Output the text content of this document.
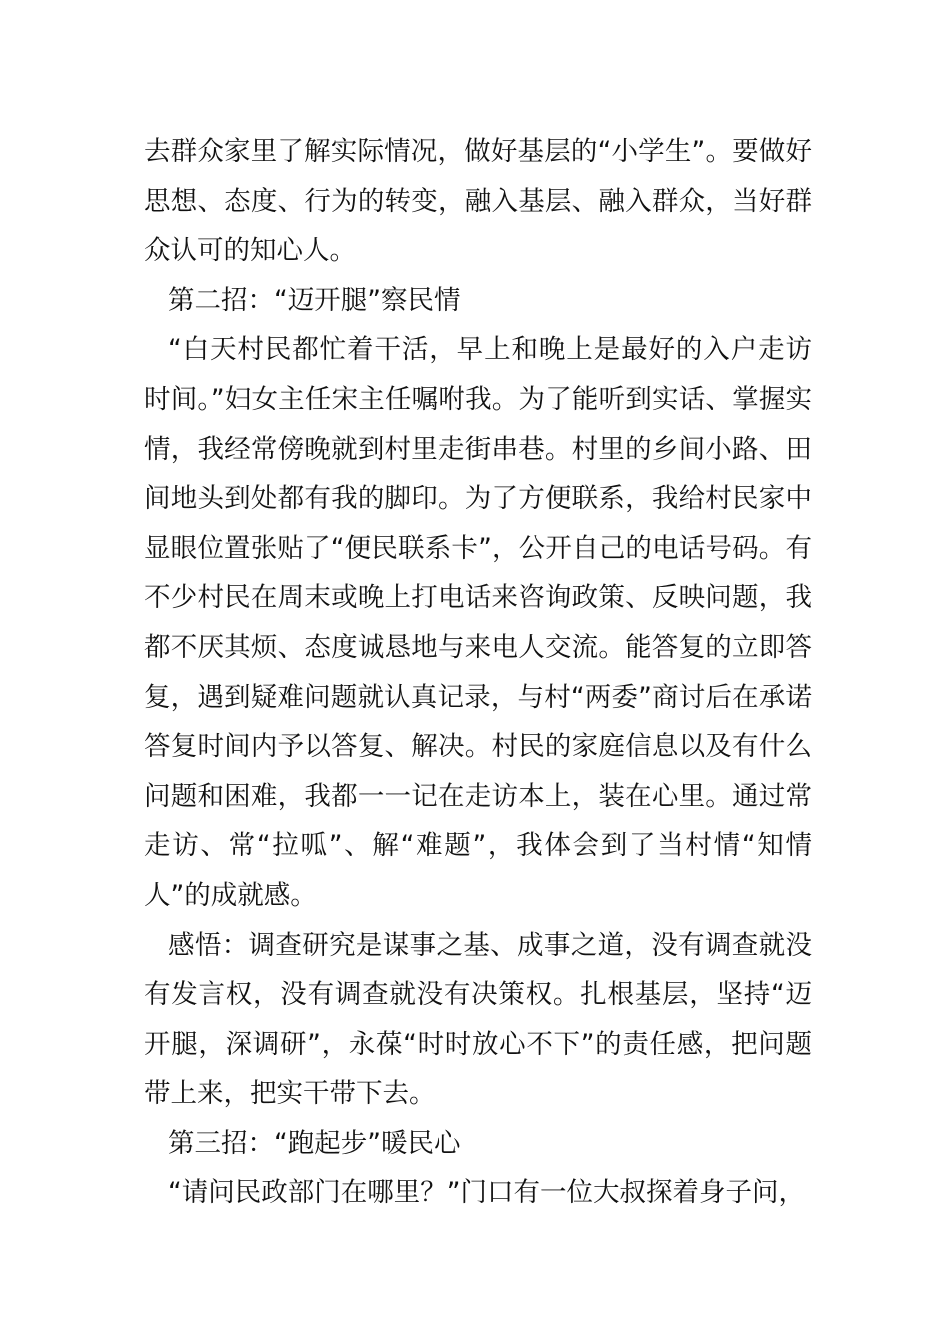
去群众家里了解实际情况，做好基层的“小学生”。要做好思想、态度、行为的转变，融入基层、融入群众，当好群众认可的知心人。

第二招：“迈开腿”察民情

“白天村民都忙着干活，早上和晚上是最好的入户走访时间。”妇女主任宋主任嘱咐我。为了能听到实话、掌握实情，我经常傍晚就到村里走街串巷。村里的乡间小路、田间地头到处都有我的脚印。为了方便联系，我给村民家中显眼位置张贴了“便民联系卡”，公开自己的电话号码。有不少村民在周末或晚上打电话来咨询政策、反映问题，我都不厌其烦、态度诚恳地与来电人交流。能答复的立即答复，遇到疑难问题就认真记录，与村“两委”商讨后在承诺答复时间内予以答复、解决。村民的家庭信息以及有什么问题和困难，我都一一记在走访本上，装在心里。通过常走访、常“拉呱”、解“难题”，我体会到了当村情“知情人”的成就感。

感悟：调查研究是谋事之基、成事之道，没有调查就没有发言权，没有调查就没有决策权。扎根基层，坚持“迈开腿，深调研”，永葆“时时放心不下”的责任感，把问题带上来，把实干带下去。

第三招：“跑起步”暖民心

“请问民政部门在哪里？”门口有一位大叔探着身子问，
